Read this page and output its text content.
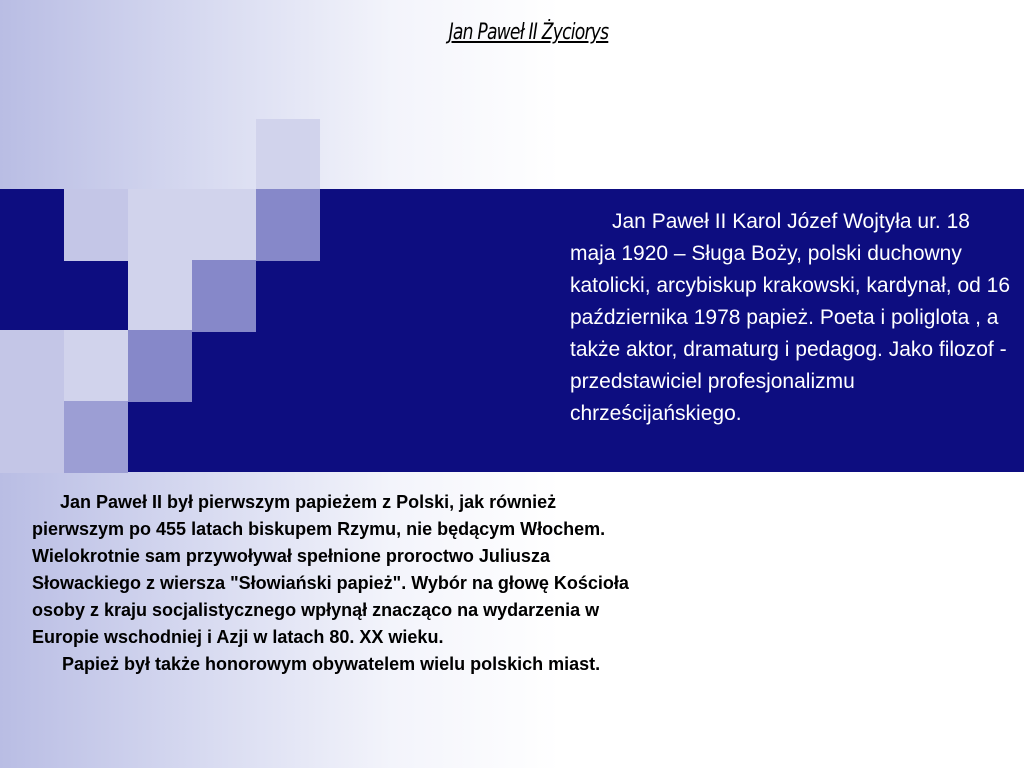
Jan Paweł II Życiorys
Jan Paweł II Karol Józef Wojtyła ur. 18 maja 1920 – Sługa Boży, polski duchowny katolicki, arcybiskup krakowski, kardynał, od 16 października 1978 papież. Poeta i poliglota , a także aktor, dramaturg i pedagog. Jako filozof - przedstawiciel profesjonalizmu chrześcijańskiego.
Jan Paweł II był pierwszym papieżem z Polski, jak również pierwszym po 455 latach biskupem Rzymu, nie będącym Włochem. Wielokrotnie sam przywoływał spełnione proroctwo Juliusza Słowackiego z wiersza "Słowiański papież". Wybór na głowę Kościoła osoby z kraju socjalistycznego wpłynął znacząco na wydarzenia w Europie wschodniej i Azji w latach 80. XX wieku.
Papież był także honorowym obywatelem wielu polskich miast.
